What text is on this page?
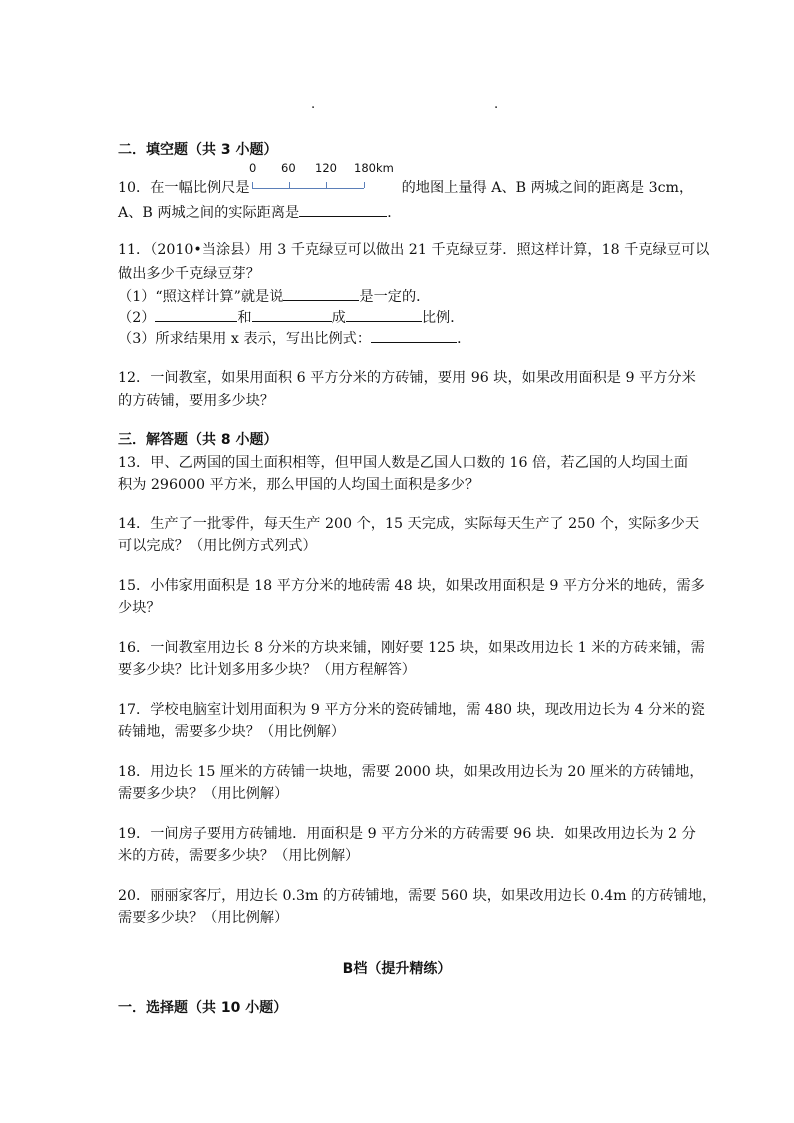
.	.
二．填空题（共 3 小题）
10．在一幅比例尺是	的地图上量得 A、B 两城之间的距离是 3cm，
0 60 120 180km
A、B 两城之间的实际距离是	．
11．（2010•当涂县）用 3 千克绿豆可以做出 21 千克绿豆芽．照这样计算，18 千克绿豆可以
做出多少千克绿豆芽？
（1）“照这样计算”就是说	是一定的．
（2）	和	成	比例．
（3）所求结果用 x 表示，写出比例式：	．
12．一间教室，如果用面积 6 平方分米的方砖铺，要用 96 块，如果改用面积是 9 平方分米
的方砖铺，要用多少块？
三．解答题（共 8 小题）
13．甲、乙两国的国土面积相等，但甲国人数是乙国人口数的 16 倍，若乙国的人均国土面
积为 296000 平方米，那么甲国的人均国土面积是多少？
14．生产了一批零件，每天生产 200 个，15 天完成，实际每天生产了 250 个，实际多少天
可以完成？（用比例方式列式）
15．小伟家用面积是 18 平方分米的地砖需 48 块，如果改用面积是 9 平方分米的地砖，需多
少块？
16．一间教室用边长 8 分米的方块来铺，刚好要 125 块，如果改用边长 1 米的方砖来铺，需
要多少块？比计划多用多少块？（用方程解答）
17．学校电脑室计划用面积为 9 平方分米的瓷砖铺地，需 480 块，现改用边长为 4 分米的瓷
砖铺地，需要多少块？（用比例解）
18．用边长 15 厘米的方砖铺一块地，需要 2000 块，如果改用边长为 20 厘米的方砖铺地，
需要多少块？（用比例解）
19．一间房子要用方砖铺地．用面积是 9 平方分米的方砖需要 96 块．如果改用边长为 2 分
米的方砖，需要多少块？（用比例解）
20．丽丽家客厅，用边长 0.3m 的方砖铺地，需要 560 块，如果改用边长 0.4m 的方砖铺地，
需要多少块？（用比例解）
B档（提升精练）
一．选择题（共 10 小题）
